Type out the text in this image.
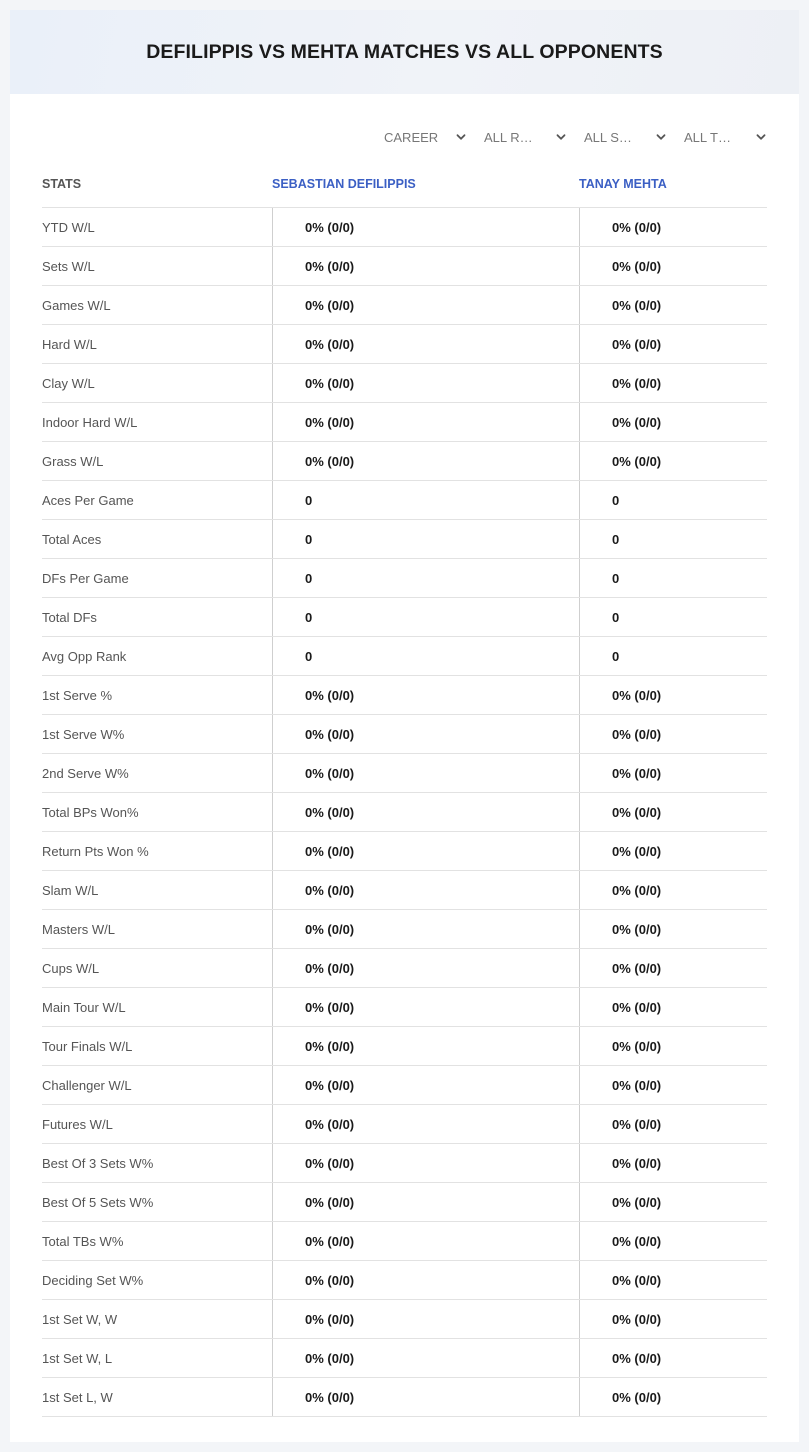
DEFILIPPIS VS MEHTA MATCHES VS ALL OPPONENTS
CAREER	ALL R…	ALL S…	ALL T…
STATS	SEBASTIAN DEFILIPPIS	TANAY MEHTA
YTD W/L	0% (0/0)	0% (0/0)
Sets W/L	0% (0/0)	0% (0/0)
Games W/L	0% (0/0)	0% (0/0)
Hard W/L	0% (0/0)	0% (0/0)
Clay W/L	0% (0/0)	0% (0/0)
Indoor Hard W/L	0% (0/0)	0% (0/0)
Grass W/L	0% (0/0)	0% (0/0)
Aces Per Game	0	0
Total Aces	0	0
DFs Per Game	0	0
Total DFs	0	0
Avg Opp Rank	0	0
1st Serve %	0% (0/0)	0% (0/0)
1st Serve W%	0% (0/0)	0% (0/0)
2nd Serve W%	0% (0/0)	0% (0/0)
Total BPs Won%	0% (0/0)	0% (0/0)
Return Pts Won %	0% (0/0)	0% (0/0)
Slam W/L	0% (0/0)	0% (0/0)
Masters W/L	0% (0/0)	0% (0/0)
Cups W/L	0% (0/0)	0% (0/0)
Main Tour W/L	0% (0/0)	0% (0/0)
Tour Finals W/L	0% (0/0)	0% (0/0)
Challenger W/L	0% (0/0)	0% (0/0)
Futures W/L	0% (0/0)	0% (0/0)
Best Of 3 Sets W%	0% (0/0)	0% (0/0)
Best Of 5 Sets W%	0% (0/0)	0% (0/0)
Total TBs W%	0% (0/0)	0% (0/0)
Deciding Set W%	0% (0/0)	0% (0/0)
1st Set W, W	0% (0/0)	0% (0/0)
1st Set W, L	0% (0/0)	0% (0/0)
1st Set L, W	0% (0/0)	0% (0/0)
